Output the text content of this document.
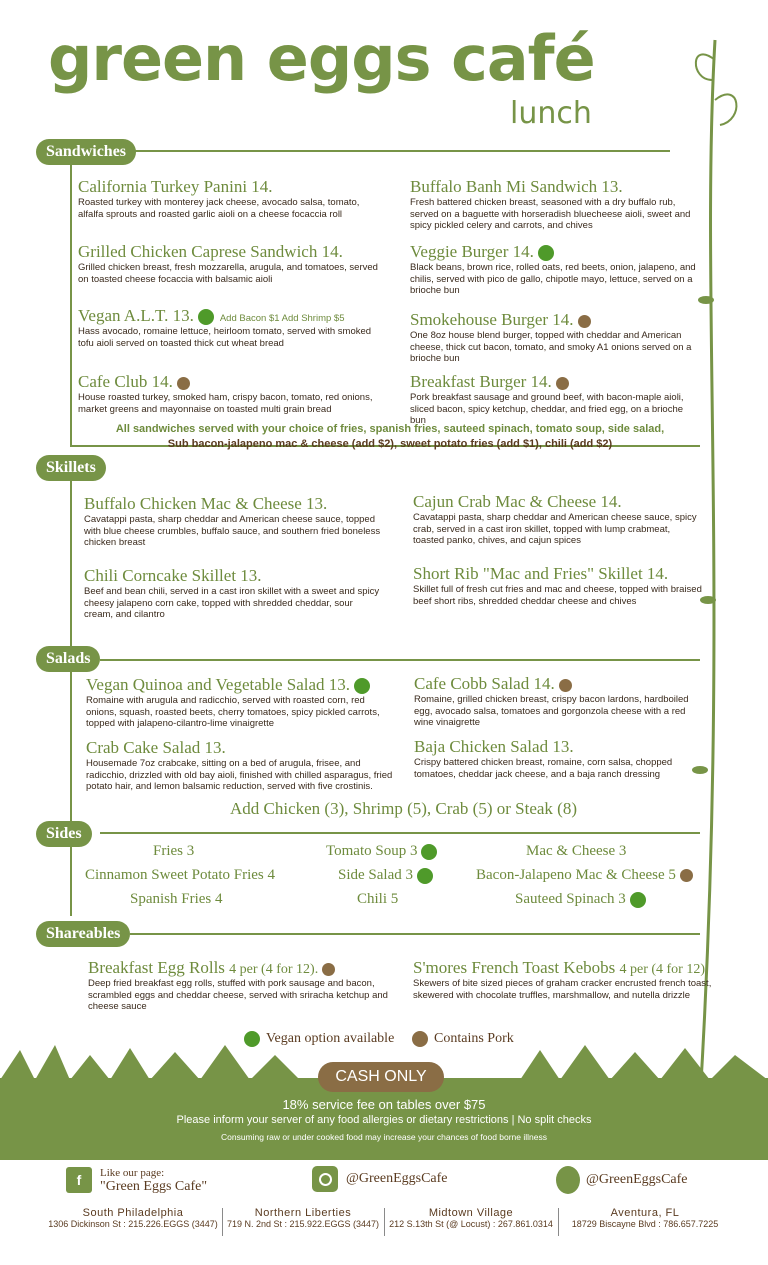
green eggs café
lunch
Sandwiches
California Turkey Panini 14.
Roasted turkey with monterey jack cheese, avocado salsa, tomato, alfalfa sprouts and roasted garlic aioli on a cheese focaccia roll
Buffalo Banh Mi Sandwich 13.
Fresh battered chicken breast, seasoned with a dry buffalo rub, served on a baguette with horseradish bluecheese aioli, sweet and spicy pickled celery and carrots, and chives
Grilled Chicken Caprese Sandwich 14.
Grilled chicken breast, fresh mozzarella, arugula, and tomatoes, served on toasted cheese focaccia with balsamic aioli
Veggie Burger 14.
Black beans, brown rice, rolled oats, red beets, onion, jalapeno, and chilis, served with pico de gallo, chipotle mayo, lettuce, served on a brioche bun
Vegan A.L.T. 13.	Add Bacon $1 Add Shrimp $5
Hass avocado, romaine lettuce, heirloom tomato, served with smoked tofu aioli served on toasted thick cut wheat bread
Smokehouse Burger 14.
One 8oz house blend burger, topped with cheddar and American cheese, thick cut bacon, tomato, and smoky A1 onions served on a brioche bun
Cafe Club 14.
House roasted turkey, smoked ham, crispy bacon, tomato, red onions, market greens and mayonnaise on toasted multi grain bread
Breakfast Burger 14.
Pork breakfast sausage and ground beef, with bacon-maple aioli, sliced bacon, spicy ketchup, cheddar, and fried egg, on a brioche bun
All sandwiches served with your choice of fries, spanish fries, sauteed spinach, tomato soup, side salad,
Sub bacon-jalapeno mac & cheese (add $2), sweet potato fries (add $1), chili (add $2)
Skillets
Buffalo Chicken Mac & Cheese 13.
Cavatappi pasta, sharp cheddar and American cheese sauce, topped with blue cheese crumbles, buffalo sauce, and southern fried boneless chicken breast
Cajun Crab Mac & Cheese 14.
Cavatappi pasta, sharp cheddar and American cheese sauce, spicy crab, served in a cast iron skillet, topped with lump crabmeat, toasted panko, chives, and cajun spices
Chili Corncake Skillet 13.
Beef and bean chili, served in a cast iron skillet with a sweet and spicy cheesy jalapeno corn cake, topped with shredded cheddar, sour cream, and cilantro
Short Rib "Mac and Fries" Skillet 14.
Skillet full of fresh cut fries and mac and cheese, topped with braised beef short ribs, shredded cheddar cheese and chives
Salads
Vegan Quinoa and Vegetable Salad 13.
Romaine with arugula and radicchio, served with roasted corn, red onions, squash, roasted beets, cherry tomatoes, spicy pickled carrots, topped with jalapeno-cilantro-lime vinaigrette
Cafe Cobb Salad 14.
Romaine, grilled chicken breast, crispy bacon lardons, hardboiled egg, avocado salsa, tomatoes and gorgonzola cheese with a red wine vinaigrette
Crab Cake Salad 13.
Housemade 7oz crabcake, sitting on a bed of arugula, frisee, and radicchio, drizzled with old bay aioli, finished with chilled asparagus, fried potato hair, and lemon balsamic reduction, served with five crostinis.
Baja Chicken Salad 13.
Crispy battered chicken breast, romaine, corn salsa, chopped tomatoes, cheddar jack cheese, and a baja ranch dressing
Add Chicken (3), Shrimp (5), Crab (5) or Steak (8)
Sides
Fries 3	Tomato Soup 3	Mac & Cheese 3
Cinnamon Sweet Potato Fries 4	Side Salad 3	Bacon-Jalapeno Mac & Cheese 5
Spanish Fries 4	Chili 5	Sauteed Spinach 3
Shareables
Breakfast Egg Rolls 4 per (4 for 12).
Deep fried breakfast egg rolls, stuffed with pork sausage and bacon, scrambled eggs and cheddar cheese, served with sriracha ketchup and cheese sauce
S'mores French Toast Kebobs 4 per (4 for 12)
Skewers of bite sized pieces of graham cracker encrusted french toast, skewered with chocolate truffles, marshmallow, and nutella drizzle
Vegan option available	Contains Pork
CASH ONLY
18% service fee on tables over $75
Please inform your server of any food allergies or dietary restrictions | No split checks
Consuming raw or under cooked food may increase your chances of food borne illness
f	Like our page:
"Green Eggs Cafe"
@GreenEggsCafe	@GreenEggsCafe
South Philadelphia
1306 Dickinson St : 215.226.EGGS (3447)
Northern Liberties
719 N. 2nd St : 215.922.EGGS (3447)
Midtown Village
212 S.13th St (@ Locust) : 267.861.0314
Aventura, FL
18729 Biscayne Blvd : 786.657.7225
